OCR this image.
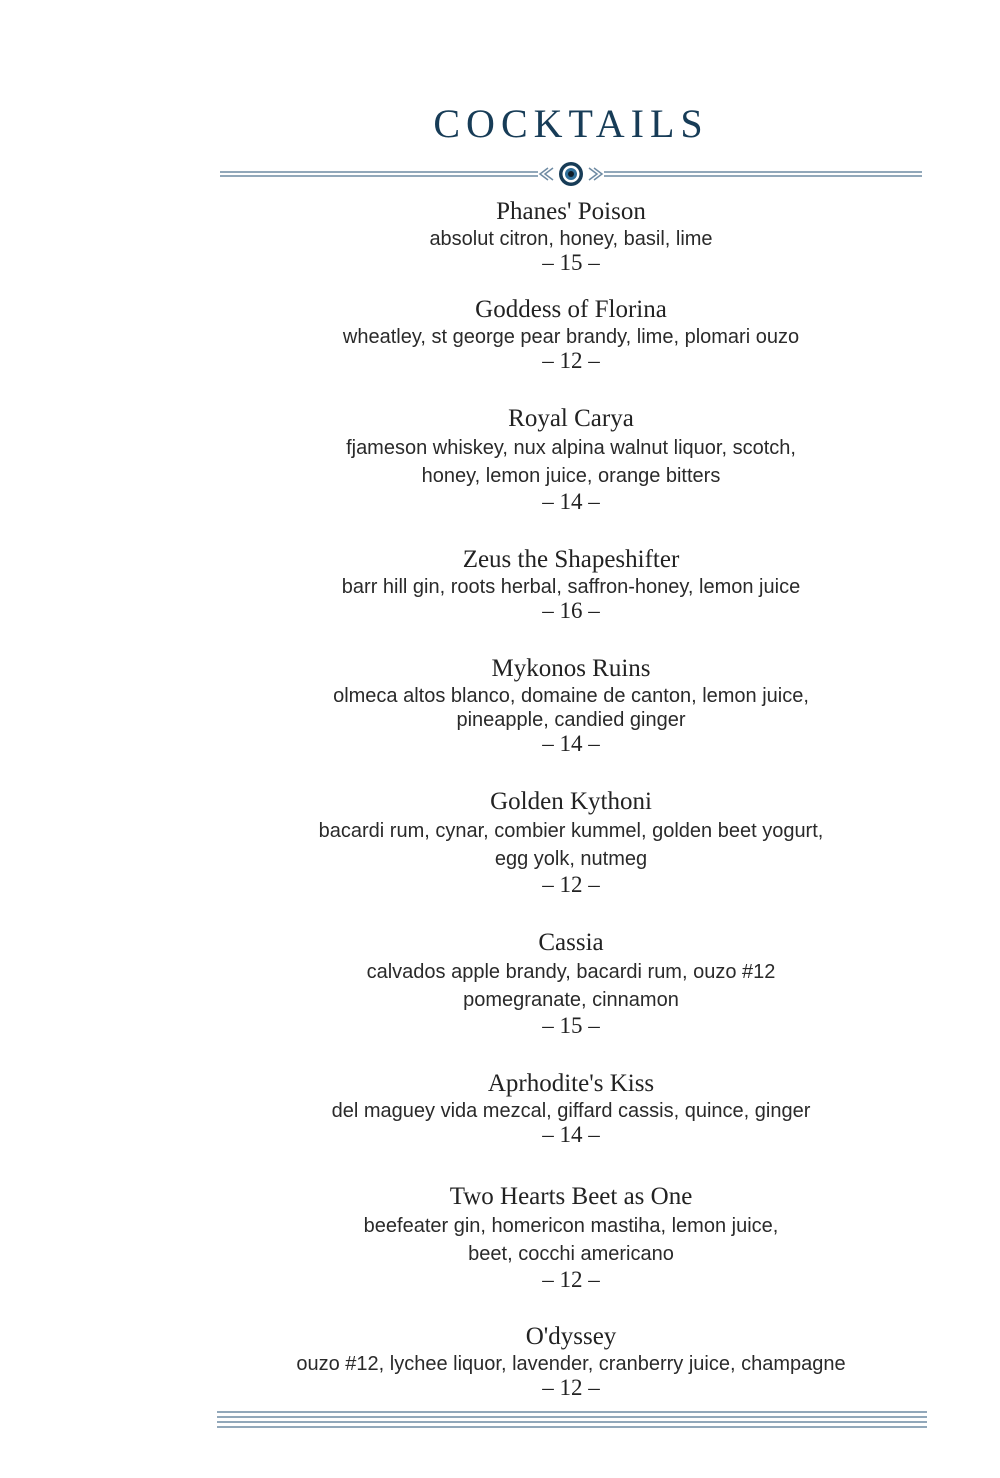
COCKTAILS
Phanes' Poison
absolut citron, honey, basil, lime
– 15 –
Goddess of Florina
wheatley, st george pear brandy, lime, plomari ouzo
– 12 –
Royal Carya
fjameson whiskey, nux alpina walnut liquor, scotch,
honey, lemon juice, orange bitters
– 14 –
Zeus the Shapeshifter
barr hill gin, roots herbal, saffron-honey, lemon juice
– 16 –
Mykonos Ruins
olmeca altos blanco, domaine de canton, lemon juice,
pineapple, candied ginger
– 14 –
Golden Kythoni
bacardi rum, cynar, combier kummel, golden beet yogurt,
egg yolk, nutmeg
– 12 –
Cassia
calvados apple brandy, bacardi rum, ouzo #12
pomegranate, cinnamon
– 15 –
Aprhodite's Kiss
del maguey vida mezcal, giffard cassis, quince, ginger
– 14 –
Two Hearts Beet as One
beefeater gin, homericon mastiha, lemon juice,
beet, cocchi americano
– 12 –
O'dyssey
ouzo #12, lychee liquor, lavender, cranberry juice, champagne
– 12 –
